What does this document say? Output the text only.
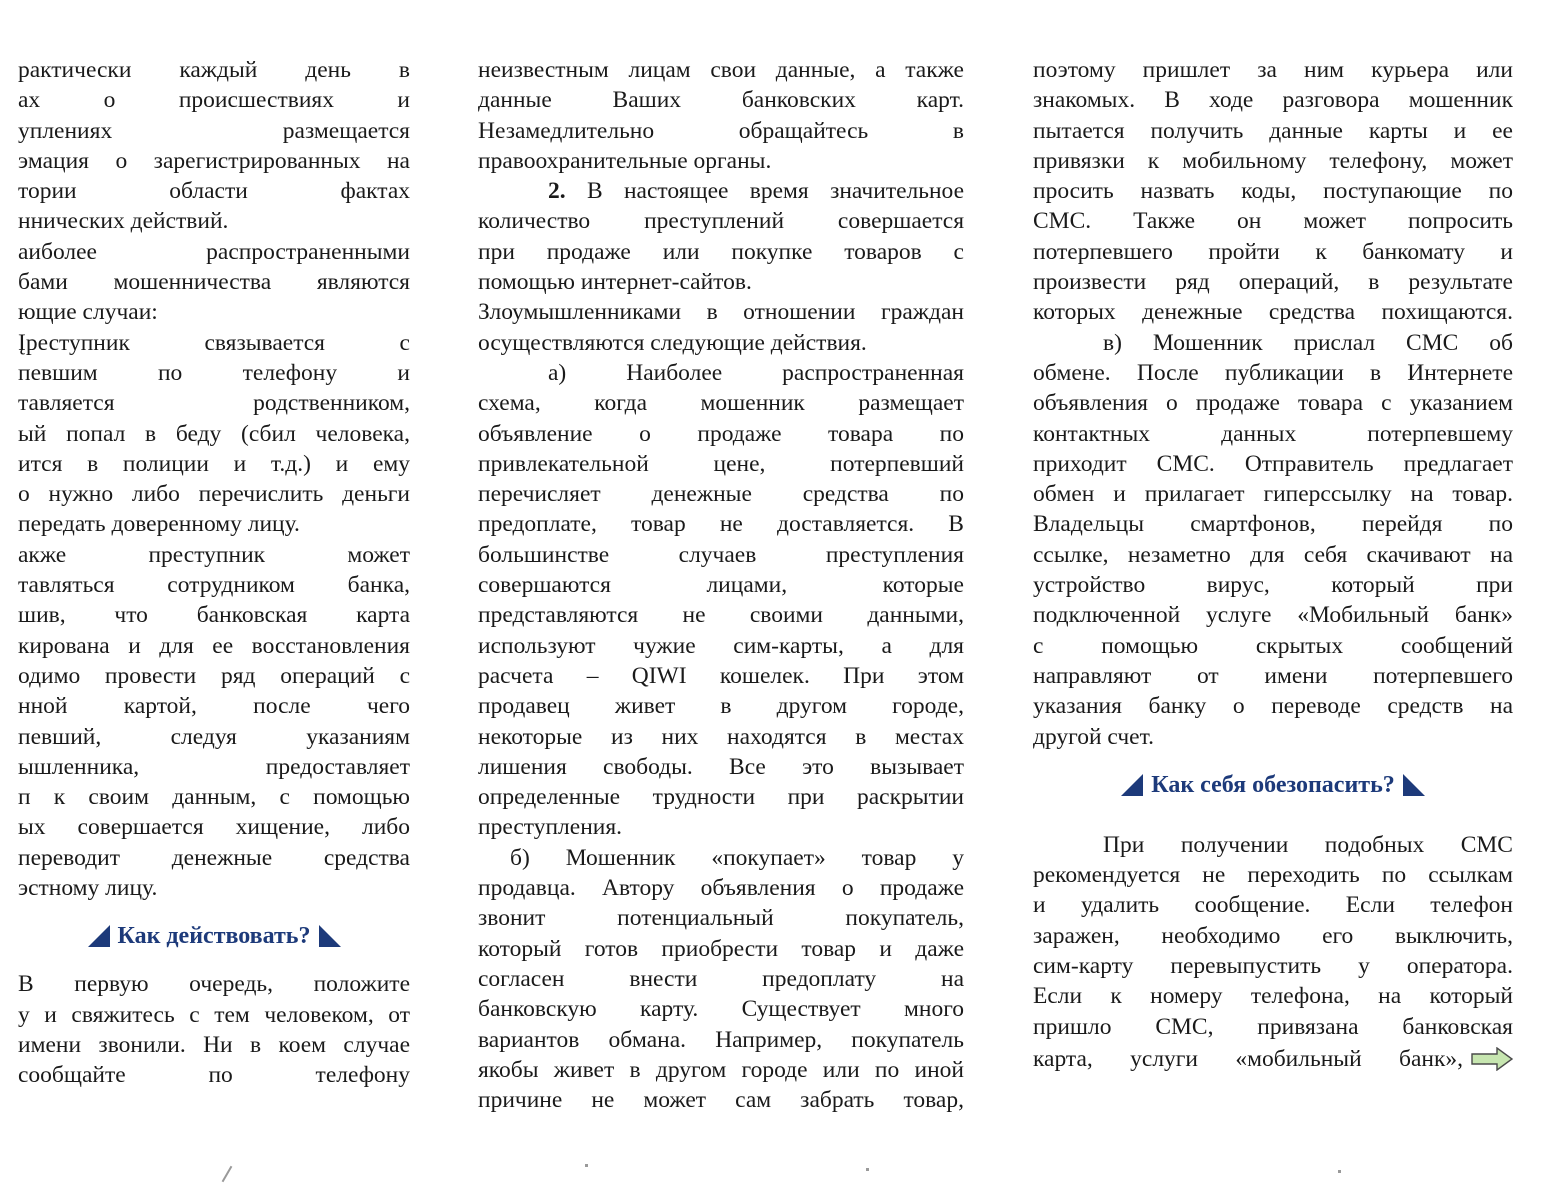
рактически каждый день в
ах о происшествиях и
уплениях размещается
эмация о зарегистрированных на
тории области фактах
ннических действий.
аиболее распространенными
бами мошенничества являются
ющие случаи:
Įреступник связывается с
певшим по телефону и
тавляется родственником,
ый попал в беду (сбил человека,
ится в полиции и т.д.) и ему
о нужно либо перечислить деньги
передать доверенному лицу.
акже преступник может
тавляться сотрудником банка,
шив, что банковская карта
кирована и для ее восстановления
одимо провести ряд операций с
нной картой, после чего
певший, следуя указаниям
ышленника, предоставляет
п к своим данным, с помощью
ых совершается хищение, либо
переводит денежные средства
эстному лицу.
Как действовать?
В первую очередь, положите
у и свяжитесь с тем человеком, от
имени звонили. Ни в коем случае
сообщайте по телефону
неизвестным лицам свои данные, а также
данные Ваших банковских карт.
Незамедлительно обращайтесь в
правоохранительные органы.
2. В настоящее время значительное
количество преступлений совершается
при продаже или покупке товаров с
помощью интернет-сайтов.
Злоумышленниками в отношении граждан
осуществляются следующие действия.
а) Наиболее распространенная
схема, когда мошенник размещает
объявление о продаже товара по
привлекательной цене, потерпевший
перечисляет денежные средства по
предоплате, товар не доставляется. В
большинстве случаев преступления
совершаются лицами, которые
представляются не своими данными,
используют чужие сим-карты, а для
расчета – QIWI кошелек. При этом
продавец живет в другом городе,
некоторые из них находятся в местах
лишения свободы. Все это вызывает
определенные трудности при раскрытии
преступления.
б) Мошенник «покупает» товар у
продавца. Автору объявления о продаже
звонит потенциальный покупатель,
который готов приобрести товар и даже
согласен внести предоплату на
банковскую карту. Существует много
вариантов обмана. Например, покупатель
якобы живет в другом городе или по иной
причине не может сам забрать товар,
поэтому пришлет за ним курьера или
знакомых. В ходе разговора мошенник
пытается получить данные карты и ее
привязки к мобильному телефону, может
просить назвать коды, поступающие по
СМС. Также он может попросить
потерпевшего пройти к банкомату и
произвести ряд операций, в результате
которых денежные средства похищаются.
в) Мошенник прислал СМС об
обмене. После публикации в Интернете
объявления о продаже товара с указанием
контактных данных потерпевшему
приходит СМС. Отправитель предлагает
обмен и прилагает гиперссылку на товар.
Владельцы смартфонов, перейдя по
ссылке, незаметно для себя скачивают на
устройство вирус, который при
подключенной услуге «Мобильный банк»
с помощью скрытых сообщений
направляют от имени потерпевшего
указания банку о переводе средств на
другой счет.
Как себя обезопасить?
При получении подобных СМС
рекомендуется не переходить по ссылкам
и удалить сообщение. Если телефон
заражен, необходимо его выключить,
сим-карту перевыпустить у оператора.
Если к номеру телефона, на который
пришло СМС, привязана банковская
карта, услуги «мобильный банк»,
